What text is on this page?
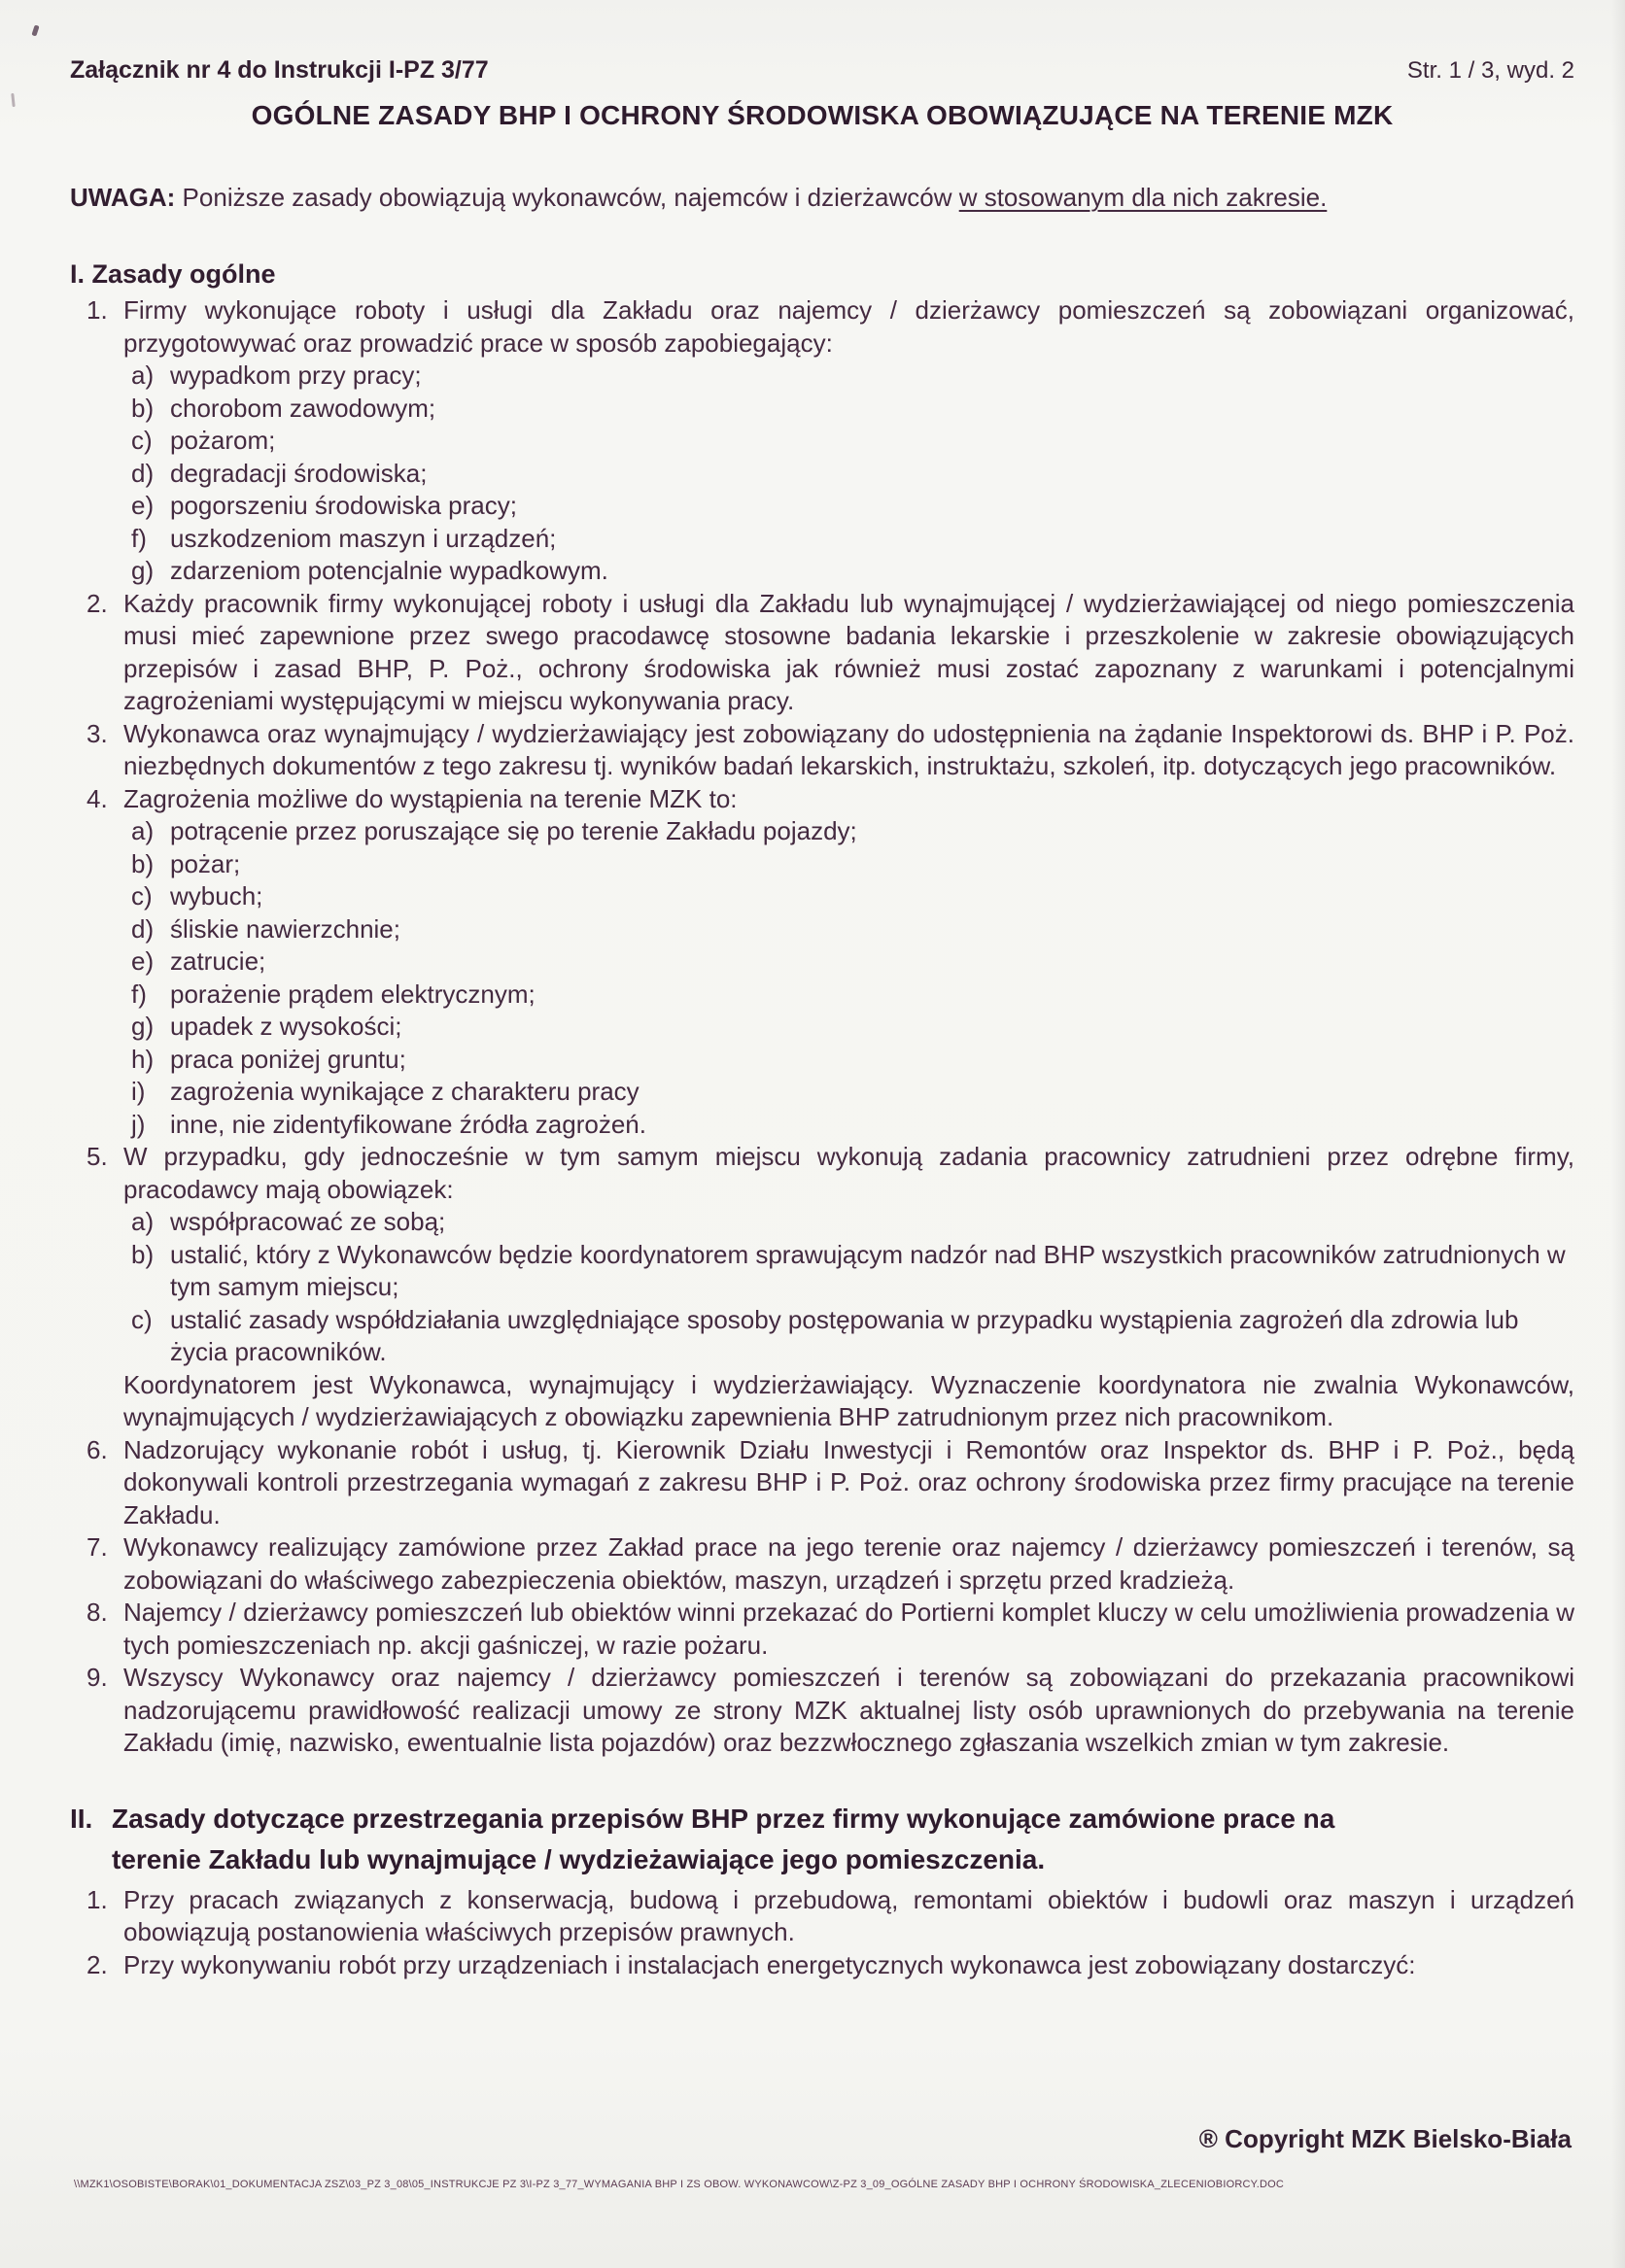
Załącznik nr 4 do Instrukcji I-PZ 3/77	Str. 1 / 3, wyd. 2
OGÓLNE ZASADY BHP I OCHRONY ŚRODOWISKA OBOWIĄZUJĄCE NA TERENIE MZK
UWAGA: Poniższe zasady obowiązują wykonawców, najemców i dzierżawców w stosowanym dla nich zakresie.
I. Zasady ogólne
1. Firmy wykonujące roboty i usługi dla Zakładu oraz najemcy / dzierżawcy pomieszczeń są zobowiązani organizować, przygotowywać oraz prowadzić prace w sposób zapobiegający:
a) wypadkom przy pracy;
b) chorobom zawodowym;
c) pożarom;
d) degradacji środowiska;
e) pogorszeniu środowiska pracy;
f) uszkodzeniom maszyn i urządzeń;
g) zdarzeniom potencjalnie wypadkowym.
2. Każdy pracownik firmy wykonującej roboty i usługi dla Zakładu lub wynajmującej / wydzierżawiającej od niego pomieszczenia musi mieć zapewnione przez swego pracodawcę stosowne badania lekarskie i przeszkolenie w zakresie obowiązujących przepisów i zasad BHP, P. Poż., ochrony środowiska jak również musi zostać zapoznany z warunkami i potencjalnymi zagrożeniami występującymi w miejscu wykonywania pracy.
3. Wykonawca oraz wynajmujący / wydzierżawiający jest zobowiązany do udostępnienia na żądanie Inspektorowi ds. BHP i P. Poż. niezbędnych dokumentów z tego zakresu tj. wyników badań lekarskich, instruktażu, szkoleń, itp. dotyczących jego pracowników.
4. Zagrożenia możliwe do wystąpienia na terenie MZK to:
a) potrącenie przez poruszające się po terenie Zakładu pojazdy;
b) pożar;
c) wybuch;
d) śliskie nawierzchnie;
e) zatrucie;
f) porażenie prądem elektrycznym;
g) upadek z wysokości;
h) praca poniżej gruntu;
i) zagrożenia wynikające z charakteru pracy
j) inne, nie zidentyfikowane źródła zagrożeń.
5. W przypadku, gdy jednocześnie w tym samym miejscu wykonują zadania pracownicy zatrudnieni przez odrębne firmy, pracodawcy mają obowiązek:
a) współpracować ze sobą;
b) ustalić, który z Wykonawców będzie koordynatorem sprawującym nadzór nad BHP wszystkich pracowników zatrudnionych w tym samym miejscu;
c) ustalić zasady współdziałania uwzględniające sposoby postępowania w przypadku wystąpienia zagrożeń dla zdrowia lub życia pracowników.
Koordynatorem jest Wykonawca, wynajmujący i wydzierżawiający. Wyznaczenie koordynatora nie zwalnia Wykonawców, wynajmujących / wydzierżawiających z obowiązku zapewnienia BHP zatrudnionym przez nich pracownikom.
6. Nadzorujący wykonanie robót i usług, tj. Kierownik Działu Inwestycji i Remontów oraz Inspektor ds. BHP i P. Poż., będą dokonywali kontroli przestrzegania wymagań z zakresu BHP i P. Poż. oraz ochrony środowiska przez firmy pracujące na terenie Zakładu.
7. Wykonawcy realizujący zamówione przez Zakład prace na jego terenie oraz najemcy / dzierżawcy pomieszczeń i terenów, są zobowiązani do właściwego zabezpieczenia obiektów, maszyn, urządzeń i sprzętu przed kradzieżą.
8. Najemcy / dzierżawcy pomieszczeń lub obiektów winni przekazać do Portierni komplet kluczy w celu umożliwienia prowadzenia w tych pomieszczeniach np. akcji gaśniczej, w razie pożaru.
9. Wszyscy Wykonawcy oraz najemcy / dzierżawcy pomieszczeń i terenów są zobowiązani do przekazania pracownikowi nadzorującemu prawidłowość realizacji umowy ze strony MZK aktualnej listy osób uprawnionych do przebywania na terenie Zakładu (imię, nazwisko, ewentualnie lista pojazdów) oraz bezzwłocznego zgłaszania wszelkich zmian w tym zakresie.
II. Zasady dotyczące przestrzegania przepisów BHP przez firmy wykonujące zamówione prace na terenie Zakładu lub wynajmujące / wydzieżawiające jego pomieszczenia.
1. Przy pracach związanych z konserwacją, budową i przebudową, remontami obiektów i budowli oraz maszyn i urządzeń obowiązują postanowienia właściwych przepisów prawnych.
2. Przy wykonywaniu robót przy urządzeniach i instalacjach energetycznych wykonawca jest zobowiązany dostarczyć:
® Copyright MZK Bielsko-Biała
\\MZK1\OSOBISTE\BORAK\01_DOKUMENTACJA ZSZ\03_PZ 3_08\05_INSTRUKCJE PZ 3\I-PZ 3_77_WYMAGANIA BHP I ZS OBOW. WYKONAWCOW\Z-PZ 3_09_OGÓLNE ZASADY BHP I OCHRONY ŚRODOWISKA_ZLECENIOBIORCY.DOC
